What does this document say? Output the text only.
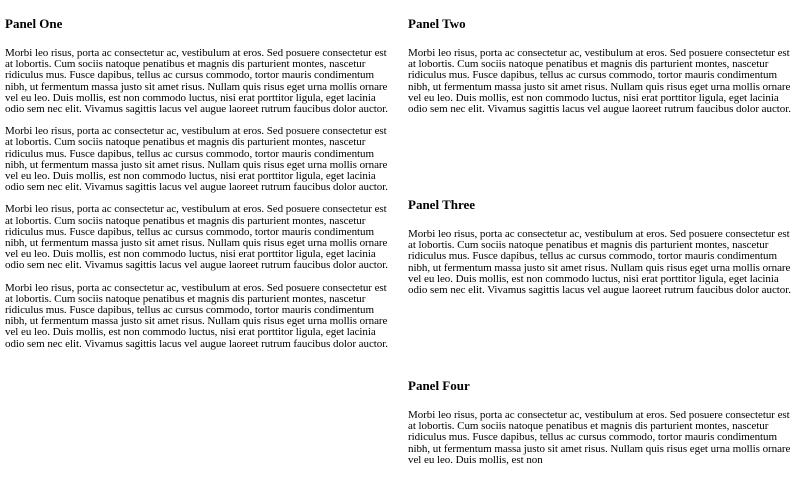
Panel One

Morbi leo risus, porta ac consectetur ac, vestibulum at eros. Sed posuere consectetur est at lobortis. Cum sociis natoque penatibus et magnis dis parturient montes, nascetur ridiculus mus. Fusce dapibus, tellus ac cursus commodo, tortor mauris condimentum nibh, ut fermentum massa justo sit amet risus. Nullam quis risus eget urna mollis ornare vel eu leo. Duis mollis, est non commodo luctus, nisi erat porttitor ligula, eget lacinia odio sem nec elit. Vivamus sagittis lacus vel augue laoreet rutrum faucibus dolor auctor.

Morbi leo risus, porta ac consectetur ac, vestibulum at eros. Sed posuere consectetur est at lobortis. Cum sociis natoque penatibus et magnis dis parturient montes, nascetur ridiculus mus. Fusce dapibus, tellus ac cursus commodo, tortor mauris condimentum nibh, ut fermentum massa justo sit amet risus. Nullam quis risus eget urna mollis ornare vel eu leo. Duis mollis, est non commodo luctus, nisi erat porttitor ligula, eget lacinia odio sem nec elit. Vivamus sagittis lacus vel augue laoreet rutrum faucibus dolor auctor.

Morbi leo risus, porta ac consectetur ac, vestibulum at eros. Sed posuere consectetur est at lobortis. Cum sociis natoque penatibus et magnis dis parturient montes, nascetur ridiculus mus. Fusce dapibus, tellus ac cursus commodo, tortor mauris condimentum nibh, ut fermentum massa justo sit amet risus. Nullam quis risus eget urna mollis ornare vel eu leo. Duis mollis, est non commodo luctus, nisi erat porttitor ligula, eget lacinia odio sem nec elit. Vivamus sagittis lacus vel augue laoreet rutrum faucibus dolor auctor.

Morbi leo risus, porta ac consectetur ac, vestibulum at eros. Sed posuere consectetur est at lobortis. Cum sociis natoque penatibus et magnis dis parturient montes, nascetur ridiculus mus. Fusce dapibus, tellus ac cursus commodo, tortor mauris condimentum nibh, ut fermentum massa justo sit amet risus. Nullam quis risus eget urna mollis ornare vel eu leo. Duis mollis, est non commodo luctus, nisi erat porttitor ligula, eget lacinia odio sem nec elit. Vivamus sagittis lacus vel augue laoreet rutrum faucibus dolor auctor.

Panel Two

Morbi leo risus, porta ac consectetur ac, vestibulum at eros. Sed posuere consectetur est at lobortis. Cum sociis natoque penatibus et magnis dis parturient montes, nascetur ridiculus mus. Fusce dapibus, tellus ac cursus commodo, tortor mauris condimentum nibh, ut fermentum massa justo sit amet risus. Nullam quis risus eget urna mollis ornare vel eu leo. Duis mollis, est non commodo luctus, nisi erat porttitor ligula, eget lacinia odio sem nec elit. Vivamus sagittis lacus vel augue laoreet rutrum faucibus dolor auctor.

Panel Three

Morbi leo risus, porta ac consectetur ac, vestibulum at eros. Sed posuere consectetur est at lobortis. Cum sociis natoque penatibus et magnis dis parturient montes, nascetur ridiculus mus. Fusce dapibus, tellus ac cursus commodo, tortor mauris condimentum nibh, ut fermentum massa justo sit amet risus. Nullam quis risus eget urna mollis ornare vel eu leo. Duis mollis, est non commodo luctus, nisi erat porttitor ligula, eget lacinia odio sem nec elit. Vivamus sagittis lacus vel augue laoreet rutrum faucibus dolor auctor.

Panel Four

Morbi leo risus, porta ac consectetur ac, vestibulum at eros. Sed posuere consectetur est at lobortis. Cum sociis natoque penatibus et magnis dis parturient montes, nascetur ridiculus mus. Fusce dapibus, tellus ac cursus commodo, tortor mauris condimentum nibh, ut fermentum massa justo sit amet risus. Nullam quis risus eget urna mollis ornare vel eu leo. Duis mollis, est non
